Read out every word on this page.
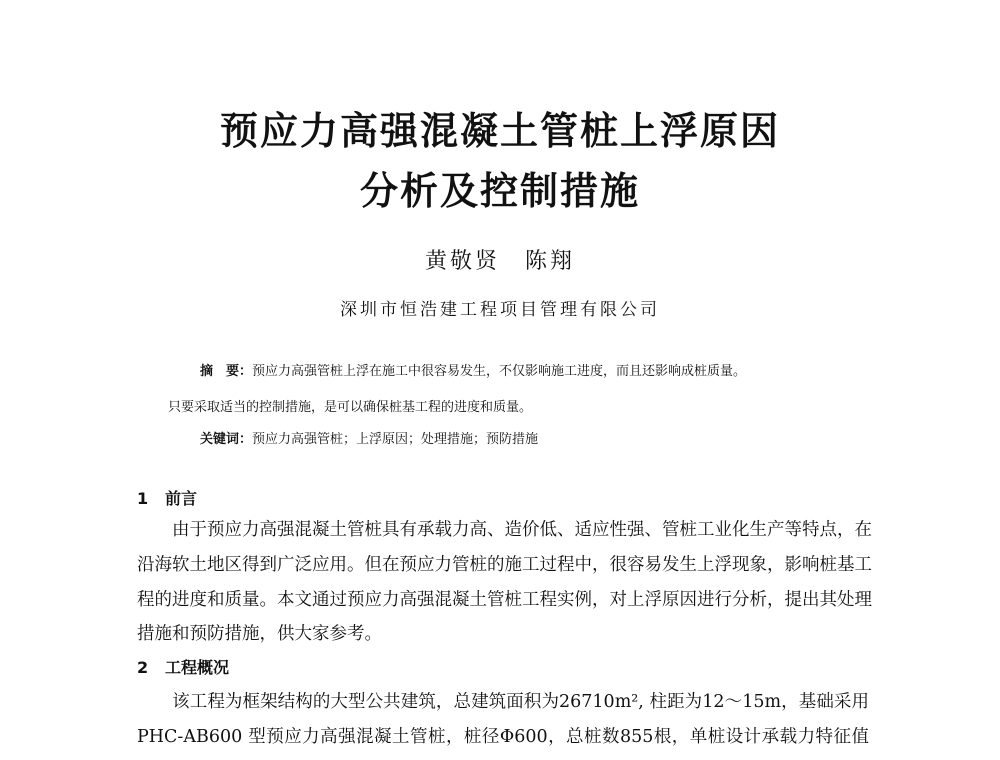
预应力高强混凝土管桩上浮原因
分析及控制措施
黄敬贤　陈翔
深圳市恒浩建工程项目管理有限公司
摘　要：预应力高强管桩上浮在施工中很容易发生，不仅影响施工进度，而且还影响成桩质量。
只要采取适当的控制措施，是可以确保桩基工程的进度和质量。
关键词：预应力高强管桩；上浮原因；处理措施；预防措施
1 前言
　　由于预应力高强混凝土管桩具有承载力高、造价低、适应性强、管桩工业化生产等特点，在
沿海软土地区得到广泛应用。但在预应力管桩的施工过程中，很容易发生上浮现象，影响桩基工
程的进度和质量。本文通过预应力高强混凝土管桩工程实例，对上浮原因进行分析，提出其处理
措施和预防措施，供大家参考。
2 工程概况
　　该工程为框架结构的大型公共建筑，总建筑面积为26710m², 柱距为12～15m，基础采用
PHC-AB600 型预应力高强混凝土管桩，桩径Φ600，总桩数855根，单桩设计承载力特征值
